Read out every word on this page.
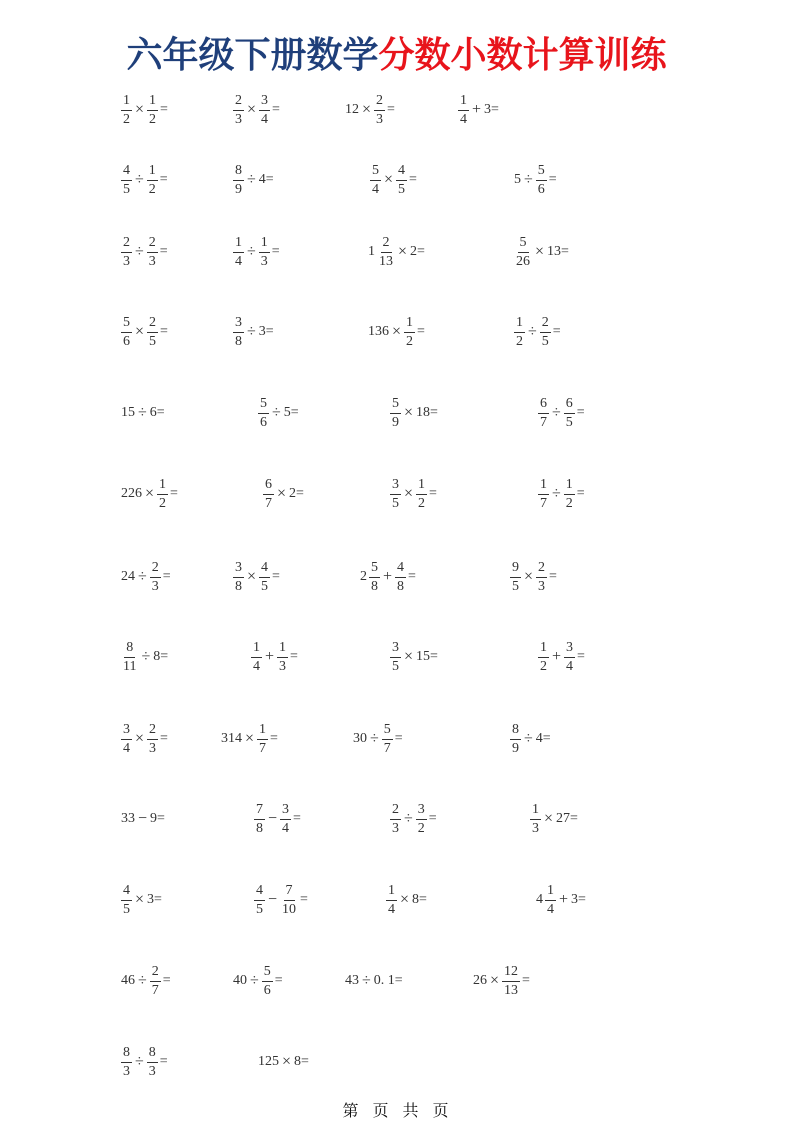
六年级下册数学分数小数计算训练
$\frac{1}{2} \times \frac{1}{2}$ =	$\frac{2}{3} \times \frac{3}{4}$ =	$12 \times \frac{2}{3}$ =	$\frac{1}{4} + 3=$
$\frac{4}{5} \div \frac{1}{2}$ =	$\frac{8}{9} \div 4=$	$\frac{5}{4} \times \frac{4}{5}$ =	$5 \div \frac{5}{6}$ =
$\frac{2}{3} \div \frac{2}{3}$ =	$\frac{1}{4} \div \frac{1}{3}$ =	$1 \frac{2}{13} \times 2=$	$\frac{5}{26} \times 13=$
$\frac{5}{6} \times \frac{2}{5}$ =	$\frac{3}{8} \div 3=$	$136 \times \frac{1}{2}$ =	$\frac{1}{2} \div \frac{2}{5}$ =
15 ÷ 6=	$\frac{5}{6} \div 5=$	$\frac{5}{9} \times 18=$	$\frac{6}{7} \div \frac{6}{5}$ =
$226 \times \frac{1}{2}$ =	$\frac{6}{7} \times 2=$	$\frac{3}{5} \times \frac{1}{2}$ =	$\frac{1}{7} \div \frac{1}{2}$ =
$24 \div \frac{2}{3}$ =	$\frac{3}{8} \times \frac{4}{5}$ =	$2 \frac{5}{8} + \frac{4}{8}$ =	$\frac{9}{5} \times \frac{2}{3}$ =
$\frac{8}{11} \div 8=$	$\frac{1}{4} + \frac{1}{3}$ =	$\frac{3}{5} \times 15=$	$\frac{1}{2} + \frac{3}{4}$ =
$\frac{3}{4} \times \frac{2}{3}$ =	$314 \times \frac{1}{7}$ =	$30 \div \frac{5}{7}$ =	$\frac{8}{9} \div 4=$
33 − 9=	$\frac{7}{8} - \frac{3}{4}$ =	$\frac{2}{3} \div \frac{3}{2}$ =	$\frac{1}{3} \times 27=$
$\frac{4}{5} \times 3=$	$\frac{4}{5} - \frac{7}{10}$ =	$\frac{1}{4} \times 8=$	$4 \frac{1}{4} + 3=$
$46 \div \frac{2}{7}$ =	$40 \div \frac{5}{6}$ =	43 ÷ 0. 1=	$26 \times \frac{12}{13}$ =
$\frac{8}{3} \div \frac{8}{3}$ =	125 × 8=
第 页 共 页
